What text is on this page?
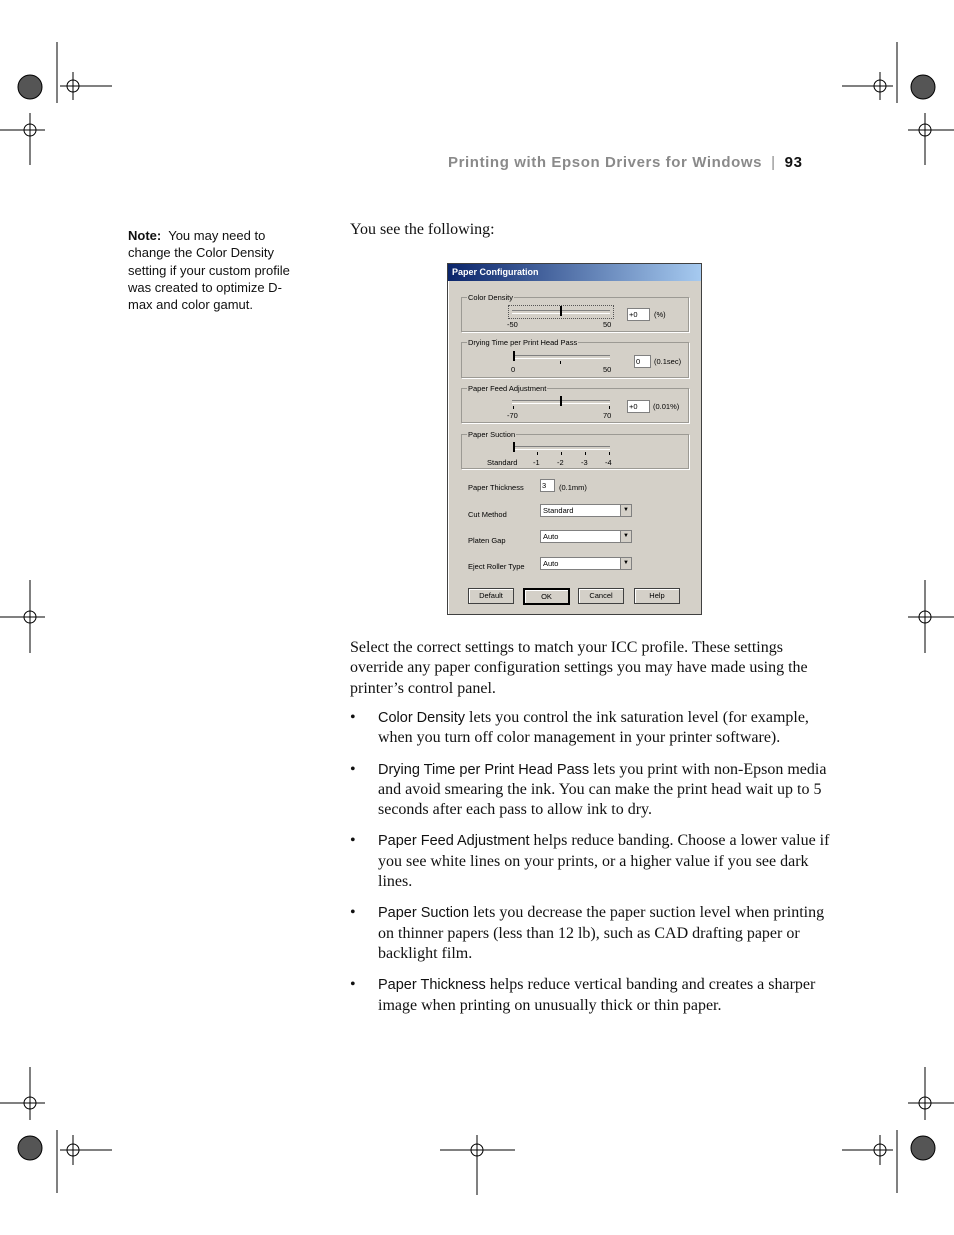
Printing with Epson Drivers for Windows | 93
Note: You may need to change the Color Density setting if your custom profile was created to optimize D-max and color gamut.
You see the following:
Paper Configuration
Color Density
-50	50
+0	(%)
Drying Time per Print Head Pass
0	50
0	(0.1sec)
Paper Feed Adjustment
-70	70
+0	(0.01%)
Paper Suction
Standard -1 -2 -3 -4
Paper Thickness 3	(0.1mm)
Cut Method	Standard	▼
Platen Gap	Auto	▼
Eject Roller Type	Auto	▼
Default	OK	Cancel	Help
Select the correct settings to match your ICC profile. These settings override any paper configuration settings you may have made using the printer’s control panel.
• Color Density lets you control the ink saturation level (for example, when you turn off color management in your printer software).
• Drying Time per Print Head Pass lets you print with non-Epson media and avoid smearing the ink. You can make the print head wait up to 5 seconds after each pass to allow ink to dry.
• Paper Feed Adjustment helps reduce banding. Choose a lower value if you see white lines on your prints, or a higher value if you see dark lines.
• Paper Suction lets you decrease the paper suction level when printing on thinner papers (less than 12 lb), such as CAD drafting paper or backlight film.
• Paper Thickness helps reduce vertical banding and creates a sharper image when printing on unusually thick or thin paper.
